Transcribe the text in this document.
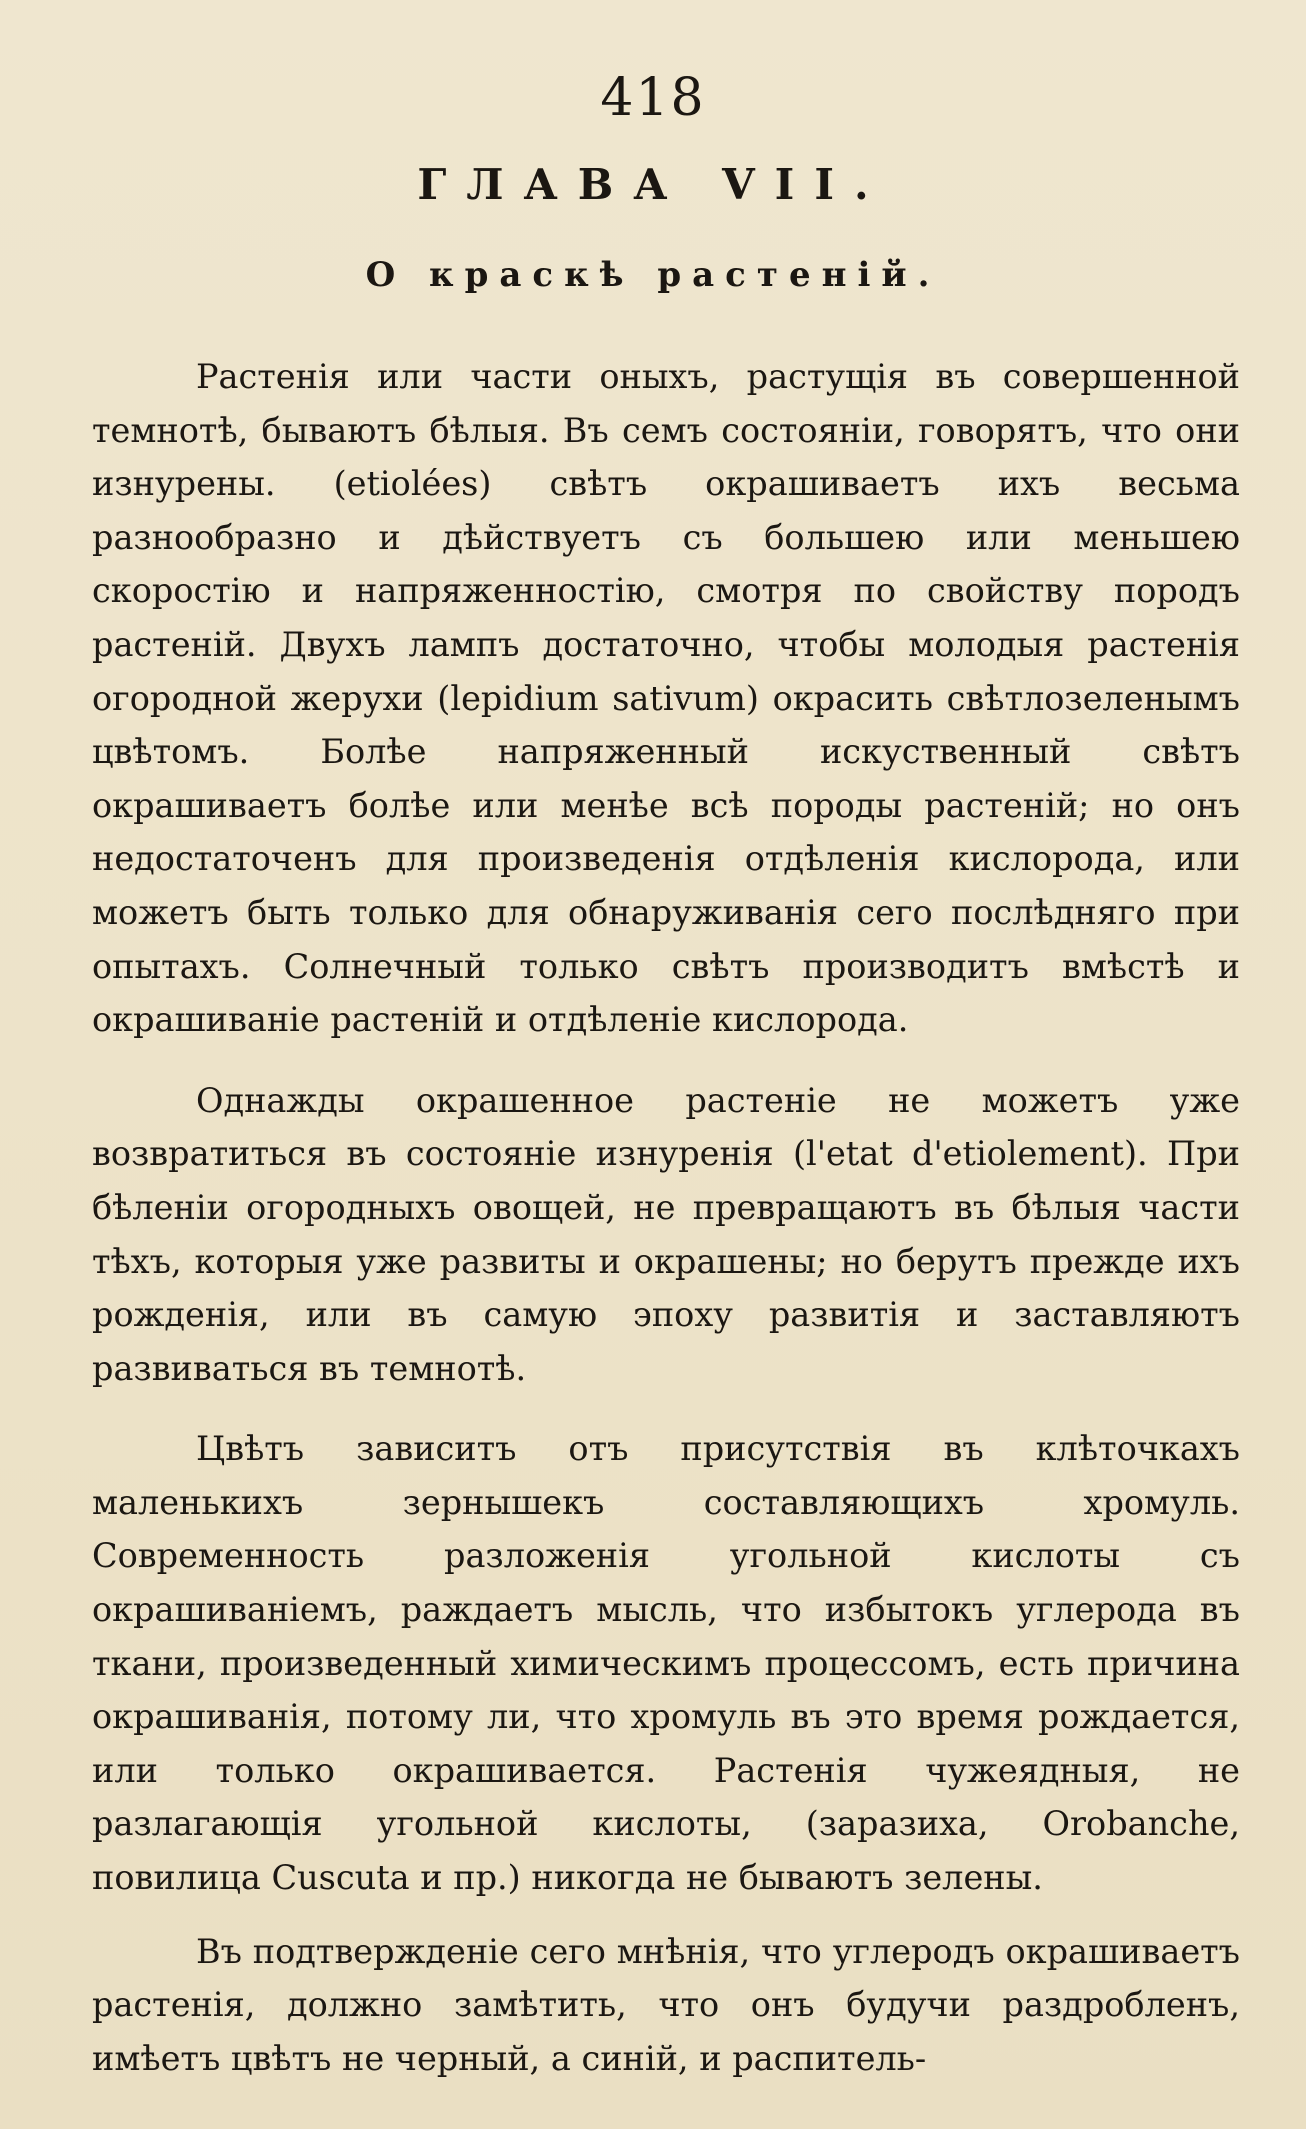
418
ГЛАВА VII.
О краскѣ растеній.

Растенія или части оныхъ, растущія въ совершенной темнотѣ, бываютъ бѣлыя. Въ семъ состояніи, говорятъ, что они изнурены. (etiolées) свѣтъ окрашиваетъ ихъ весьма разнообразно и дѣйствуетъ съ большею или меньшею скоростію и напряженностію, смотря по свойству породъ растеній. Двухъ лампъ достаточно, чтобы молодыя растенія огородной жерухи (lepidium sativum) окрасить свѣтлозеленымъ цвѣтомъ. Болѣе напряженный искуственный свѣтъ окрашиваетъ болѣе или менѣе всѣ породы растеній; но онъ недостаточенъ для произведенія отдѣленія кислорода, или можетъ быть только для обнаруживанія сего послѣдняго при опытахъ. Солнечный только свѣтъ производитъ вмѣстѣ и окрашиваніе растеній и отдѣленіе кислорода.

Однажды окрашенное растеніе не можетъ уже возвратиться въ состояніе изнуренія (l'etat d'etiolement). При бѣленіи огородныхъ овощей, не превращаютъ въ бѣлыя части тѣхъ, которыя уже развиты и окрашены; но берутъ прежде ихъ рожденія, или въ самую эпоху развитія и заставляютъ развиваться въ темнотѣ.

Цвѣтъ зависитъ отъ присутствія въ клѣточкахъ маленькихъ зернышекъ составляющихъ хромуль. Современность разложенія угольной кислоты съ окрашиваніемъ, раждаетъ мысль, что избытокъ углерода въ ткани, произведенный химическимъ процессомъ, есть причина окрашиванія, потому ли, что хромуль въ это время рождается, или только окрашивается. Растенія чужеядныя, не разлагающія угольной кислоты, (заразиха, Orobanche, повилица Cuscuta и пр.) никогда не бываютъ зелены.

Въ подтвержденіе сего мнѣнія, что углеродъ окрашиваетъ растенія, должно замѣтить, что онъ будучи раздробленъ, имѣетъ цвѣтъ не черный, а синій, и распитель-
